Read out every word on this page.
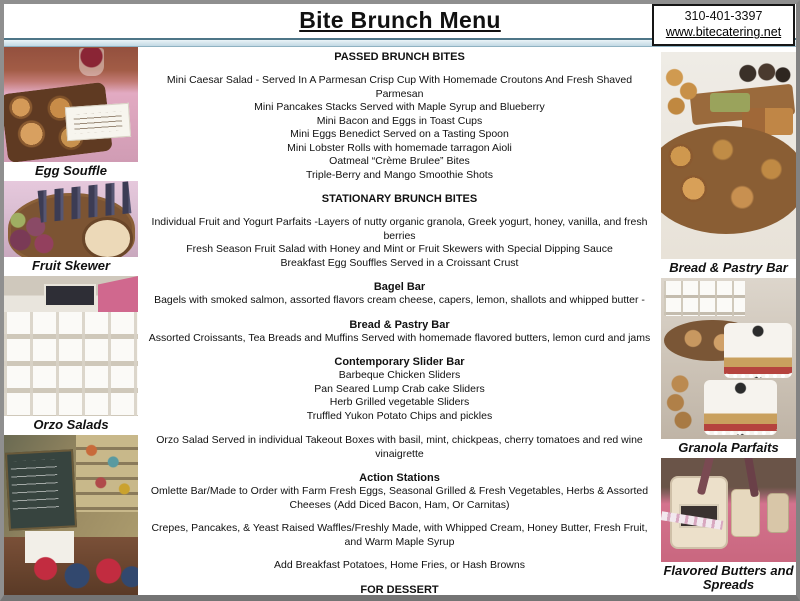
Bite Brunch Menu	310-401-3397
www.bitecatering.net
Egg Souffle
Fruit Skewer
Orzo Salads
PASSED BRUNCH BITES
Mini Caesar Salad - Served In A Parmesan Crisp Cup With Homemade Croutons And Fresh Shaved Parmesan
Mini Pancakes Stacks Served with Maple Syrup and Blueberry
Mini Bacon and Eggs in Toast Cups
Mini Eggs Benedict Served on a Tasting Spoon
Mini Lobster Rolls with homemade tarragon Aioli
Oatmeal “Crème Brulee” Bites
Triple-Berry and Mango Smoothie Shots
STATIONARY BRUNCH BITES
Individual Fruit and Yogurt Parfaits -Layers of nutty organic granola, Greek yogurt, honey, vanilla, and fresh berries
Fresh Season Fruit Salad with Honey and Mint or Fruit Skewers with Special Dipping Sauce
Breakfast Egg Souffles Served in a Croissant Crust
Bagel Bar
Bagels with smoked salmon, assorted flavors cream cheese, capers, lemon, shallots and whipped butter -
Bread & Pastry Bar
Assorted Croissants, Tea Breads and Muffins Served with homemade flavored butters, lemon curd and jams
Contemporary Slider Bar
Barbeque Chicken Sliders
Pan Seared Lump Crab cake Sliders
Herb Grilled vegetable Sliders
Truffled Yukon Potato Chips and pickles
Orzo Salad Served in individual Takeout Boxes with basil, mint, chickpeas, cherry tomatoes and red wine vinaigrette
Action Stations
Omlette Bar/Made to Order with Farm Fresh Eggs, Seasonal Grilled & Fresh Vegetables, Herbs & Assorted Cheeses (Add Diced Bacon, Ham, Or Carnitas)
Crepes, Pancakes, & Yeast Raised Waffles/Freshly Made, with Whipped Cream, Honey Butter, Fresh Fruit, and Warm Maple Syrup
Add Breakfast Potatoes, Home Fries, or Hash Browns
FOR DESSERT
Bread & Pastry Bar
Granola Parfaits
Flavored Butters and Spreads
